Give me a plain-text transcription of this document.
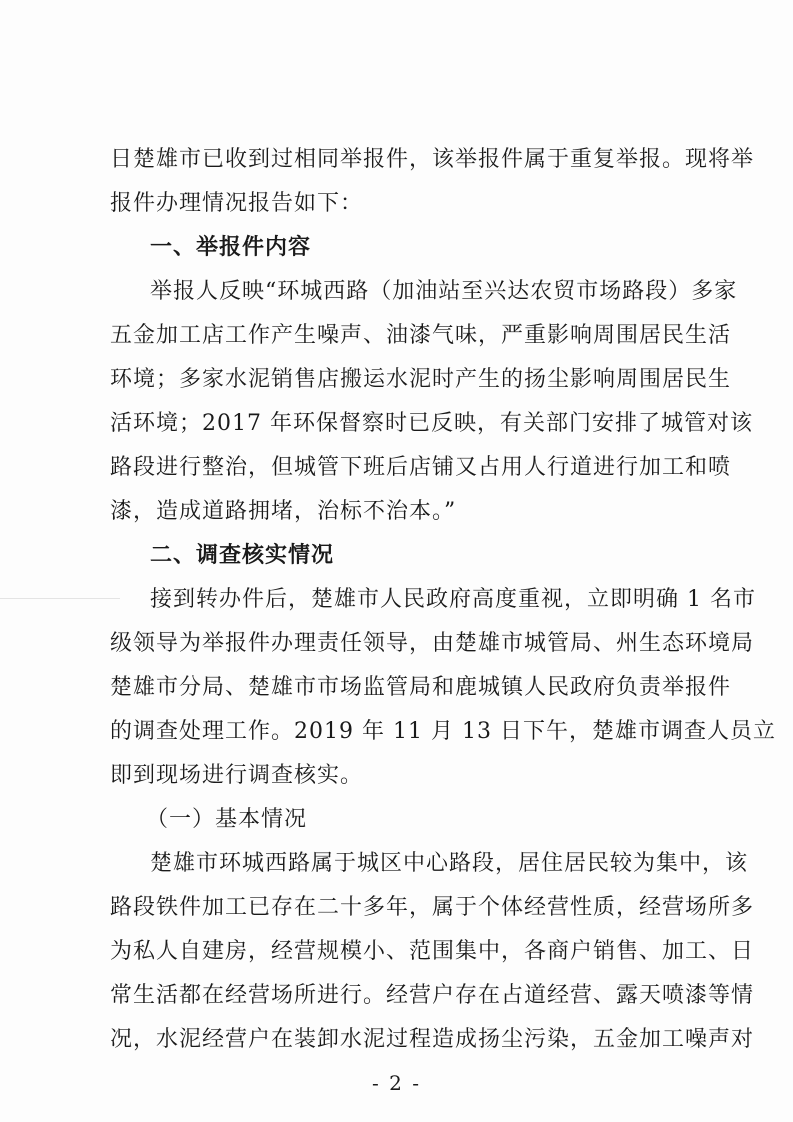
日楚雄市已收到过相同举报件，该举报件属于重复举报。现将举
报件办理情况报告如下：
一、举报件内容
举报人反映“环城西路（加油站至兴达农贸市场路段）多家
五金加工店工作产生噪声、油漆气味，严重影响周围居民生活
环境；多家水泥销售店搬运水泥时产生的扬尘影响周围居民生
活环境；2017 年环保督察时已反映，有关部门安排了城管对该
路段进行整治，但城管下班后店铺又占用人行道进行加工和喷
漆，造成道路拥堵，治标不治本。”
二、调查核实情况
接到转办件后，楚雄市人民政府高度重视，立即明确 1 名市
级领导为举报件办理责任领导，由楚雄市城管局、州生态环境局
楚雄市分局、楚雄市市场监管局和鹿城镇人民政府负责举报件
的调查处理工作。2019 年 11 月 13 日下午，楚雄市调查人员立
即到现场进行调查核实。
（一）基本情况
楚雄市环城西路属于城区中心路段，居住居民较为集中，该
路段铁件加工已存在二十多年，属于个体经营性质，经营场所多
为私人自建房，经营规模小、范围集中，各商户销售、加工、日
常生活都在经营场所进行。经营户存在占道经营、露天喷漆等情
况，水泥经营户在装卸水泥过程造成扬尘污染，五金加工噪声对
- 2 -
